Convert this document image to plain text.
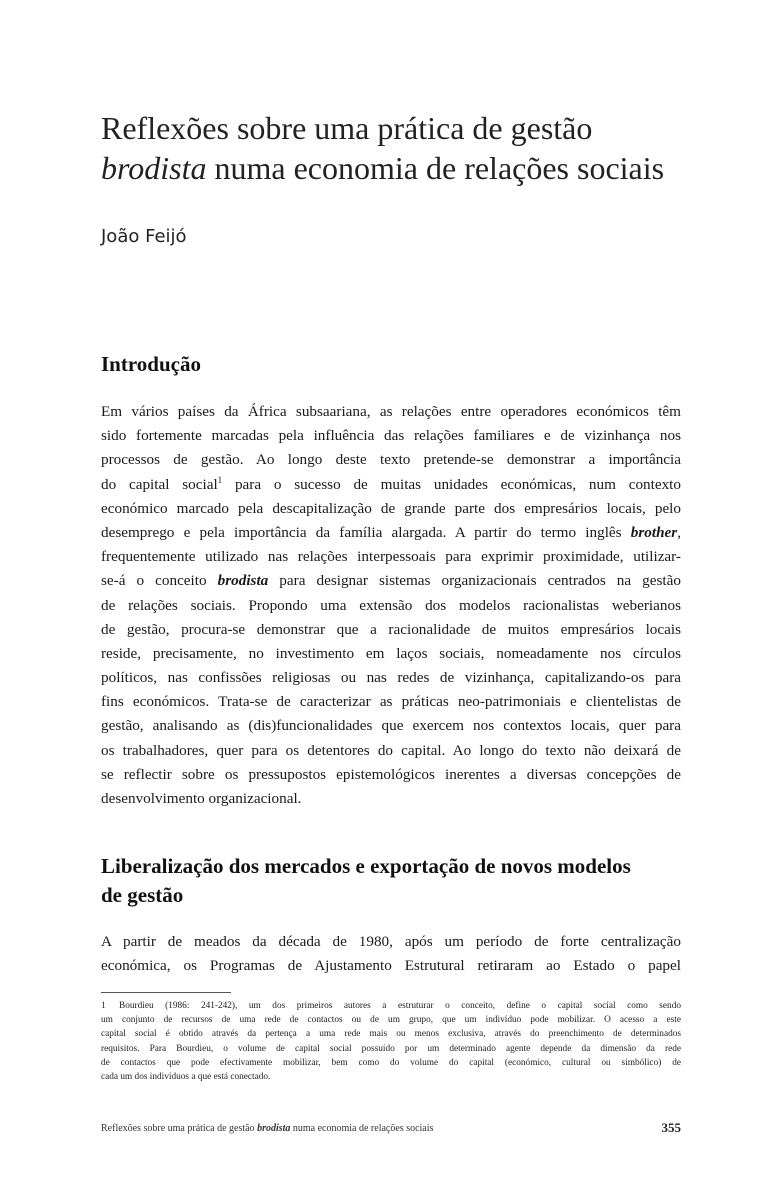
Reflexões sobre uma prática de gestão
brodista numa economia de relações sociais
João Feijó
Introdução
Em vários países da África subsaariana, as relações entre operadores económicos têm
sido fortemente marcadas pela influência das relações familiares e de vizinhança nos
processos de gestão. Ao longo deste texto pretende-se demonstrar a importância
do capital social$^1$ para o sucesso de muitas unidades económicas, num contexto
económico marcado pela descapitalização de grande parte dos empresários locais, pelo
desemprego e pela importância da família alargada. A partir do termo inglês brother,
frequentemente utilizado nas relações interpessoais para exprimir proximidade, utilizar-
se-á o conceito brodista para designar sistemas organizacionais centrados na gestão
de relações sociais. Propondo uma extensão dos modelos racionalistas weberianos
de gestão, procura-se demonstrar que a racionalidade de muitos empresários locais
reside, precisamente, no investimento em laços sociais, nomeadamente nos círculos
políticos, nas confissões religiosas ou nas redes de vizinhança, capitalizando-os para
fins económicos. Trata-se de caracterizar as práticas neo-patrimoniais e clientelistas de
gestão, analisando as (dis)funcionalidades que exercem nos contextos locais, quer para
os trabalhadores, quer para os detentores do capital. Ao longo do texto não deixará de
se reflectir sobre os pressupostos epistemológicos inerentes a diversas concepções de
desenvolvimento organizacional.
Liberalização dos mercados e exportação de novos modelos
de gestão
A partir de meados da década de 1980, após um período de forte centralização
económica, os Programas de Ajustamento Estrutural retiraram ao Estado o papel
1 Bourdieu (1986: 241-242), um dos primeiros autores a estruturar o conceito, define o capital social como sendo
um conjunto de recursos de uma rede de contactos ou de um grupo, que um indivíduo pode mobilizar. O acesso a este
capital social é obtido através da pertença a uma rede mais ou menos exclusiva, através do preenchimento de determinados
requisitos. Para Bourdieu, o volume de capital social possuído por um determinado agente depende da dimensão da rede
de contactos que pode efectivamente mobilizar, bem como do volume do capital (económico, cultural ou simbólico) de
cada um dos indivíduos a que está conectado.
Reflexões sobre uma prática de gestão brodista numa economia de relações sociais	355
